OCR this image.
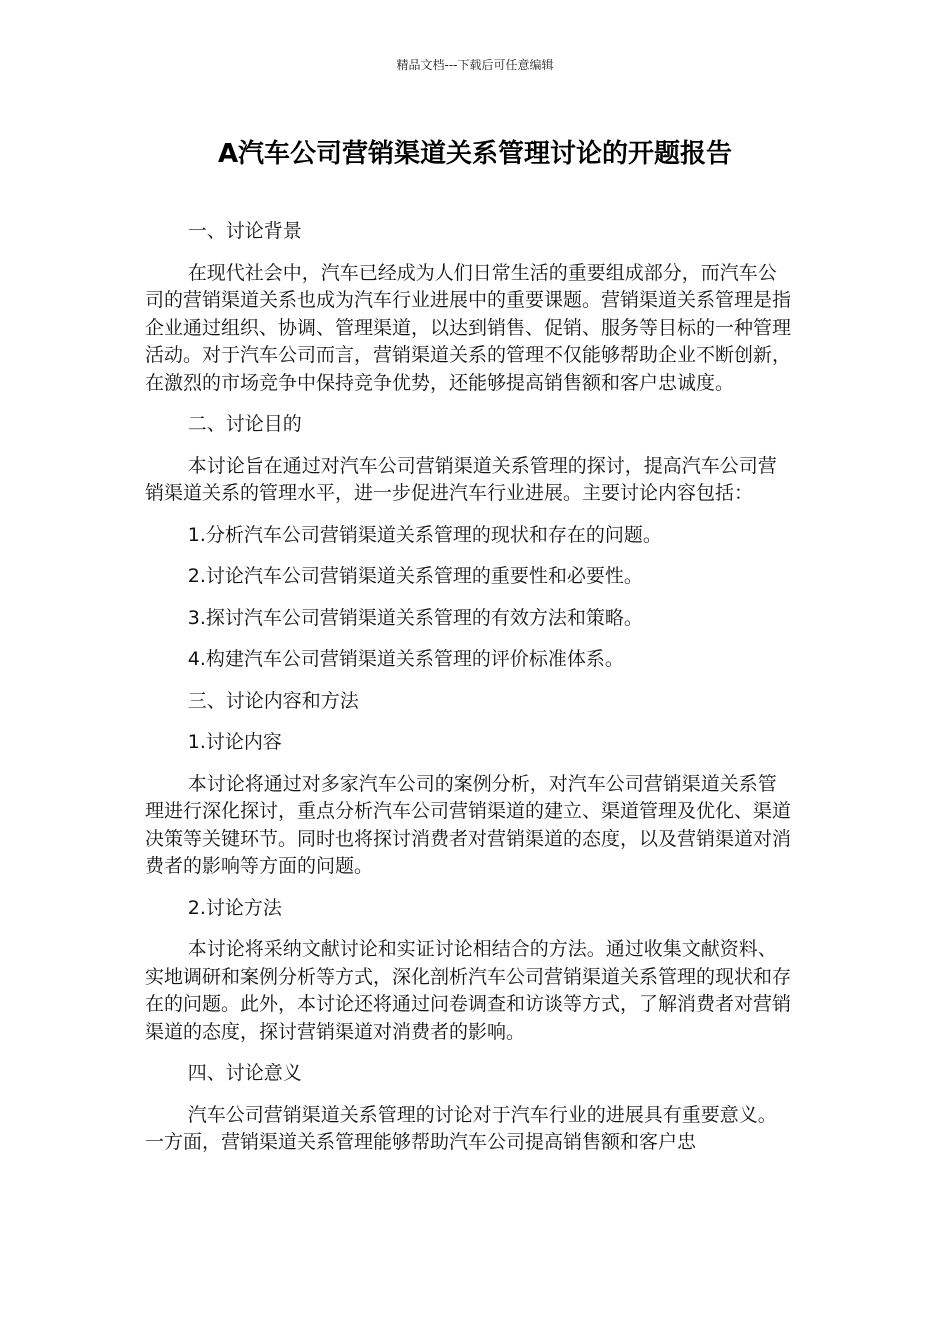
精品文档---下载后可任意编辑
A汽车公司营销渠道关系管理讨论的开题报告

一、讨论背景

在现代社会中，汽车已经成为人们日常生活的重要组成部分，而汽车公司的营销渠道关系也成为汽车行业进展中的重要课题。营销渠道关系管理是指企业通过组织、协调、管理渠道，以达到销售、促销、服务等目标的一种管理活动。对于汽车公司而言，营销渠道关系的管理不仅能够帮助企业不断创新，在激烈的市场竞争中保持竞争优势，还能够提高销售额和客户忠诚度。

二、讨论目的

本讨论旨在通过对汽车公司营销渠道关系管理的探讨，提高汽车公司营销渠道关系的管理水平，进一步促进汽车行业进展。主要讨论内容包括：

1.分析汽车公司营销渠道关系管理的现状和存在的问题。

2.讨论汽车公司营销渠道关系管理的重要性和必要性。

3.探讨汽车公司营销渠道关系管理的有效方法和策略。

4.构建汽车公司营销渠道关系管理的评价标准体系。

三、讨论内容和方法

1.讨论内容

本讨论将通过对多家汽车公司的案例分析，对汽车公司营销渠道关系管理进行深化探讨，重点分析汽车公司营销渠道的建立、渠道管理及优化、渠道决策等关键环节。同时也将探讨消费者对营销渠道的态度，以及营销渠道对消费者的影响等方面的问题。

2.讨论方法

本讨论将采纳文献讨论和实证讨论相结合的方法。通过收集文献资料、实地调研和案例分析等方式，深化剖析汽车公司营销渠道关系管理的现状和存在的问题。此外，本讨论还将通过问卷调查和访谈等方式，了解消费者对营销渠道的态度，探讨营销渠道对消费者的影响。

四、讨论意义

汽车公司营销渠道关系管理的讨论对于汽车行业的进展具有重要意义。一方面，营销渠道关系管理能够帮助汽车公司提高销售额和客户忠
